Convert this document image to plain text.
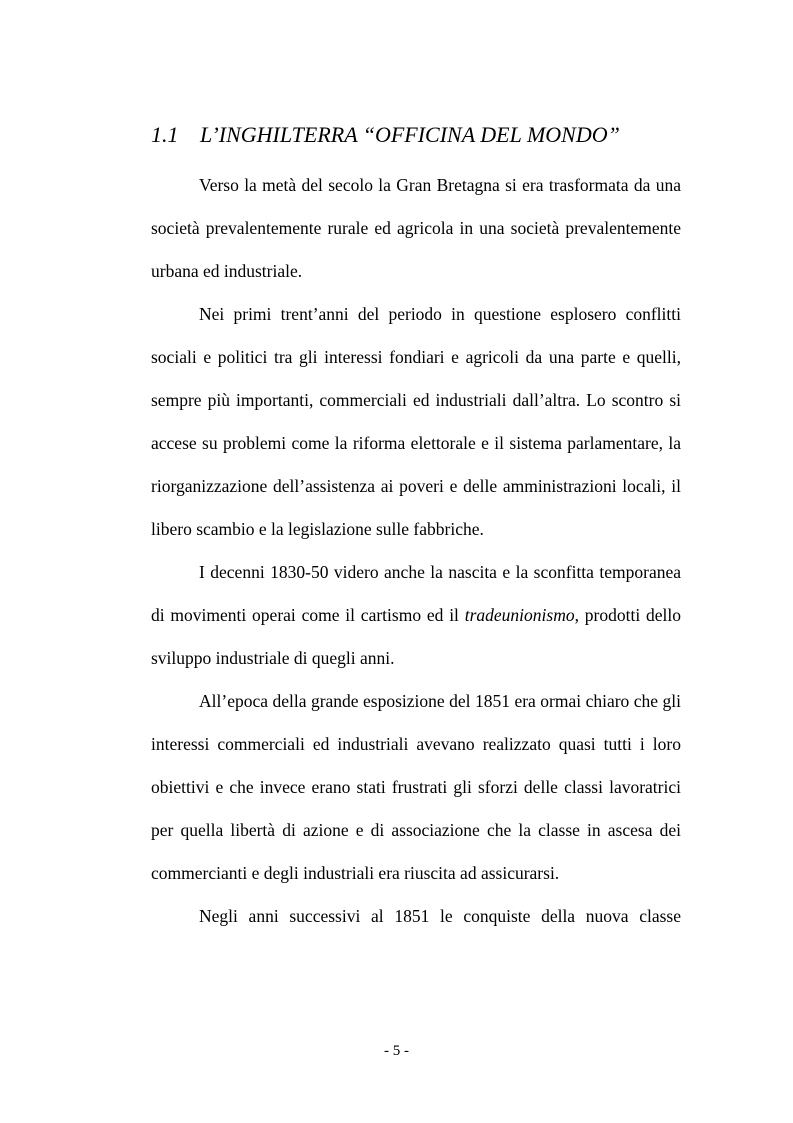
1.1 L’INGHILTERRA “OFFICINA DEL MONDO”

Verso la metà del secolo la Gran Bretagna si era trasformata da una società prevalentemente rurale ed agricola in una società prevalentemente urbana ed industriale.

Nei primi trent’anni del periodo in questione esplosero conflitti sociali e politici tra gli interessi fondiari e agricoli da una parte e quelli, sempre più importanti, commerciali ed industriali dall’altra. Lo scontro si accese su problemi come la riforma elettorale e il sistema parlamentare, la riorganizzazione dell’assistenza ai poveri e delle amministrazioni locali, il libero scambio e la legislazione sulle fabbriche.

I decenni 1830-50 videro anche la nascita e la sconfitta temporanea di movimenti operai come il cartismo ed il tradeunionismo, prodotti dello sviluppo industriale di quegli anni.

All’epoca della grande esposizione del 1851 era ormai chiaro che gli interessi commerciali ed industriali avevano realizzato quasi tutti i loro obiettivi e che invece erano stati frustrati gli sforzi delle classi lavoratrici per quella libertà di azione e di associazione che la classe in ascesa dei commercianti e degli industriali era riuscita ad assicurarsi.

Negli anni successivi al 1851 le conquiste della nuova classe

- 5 -
